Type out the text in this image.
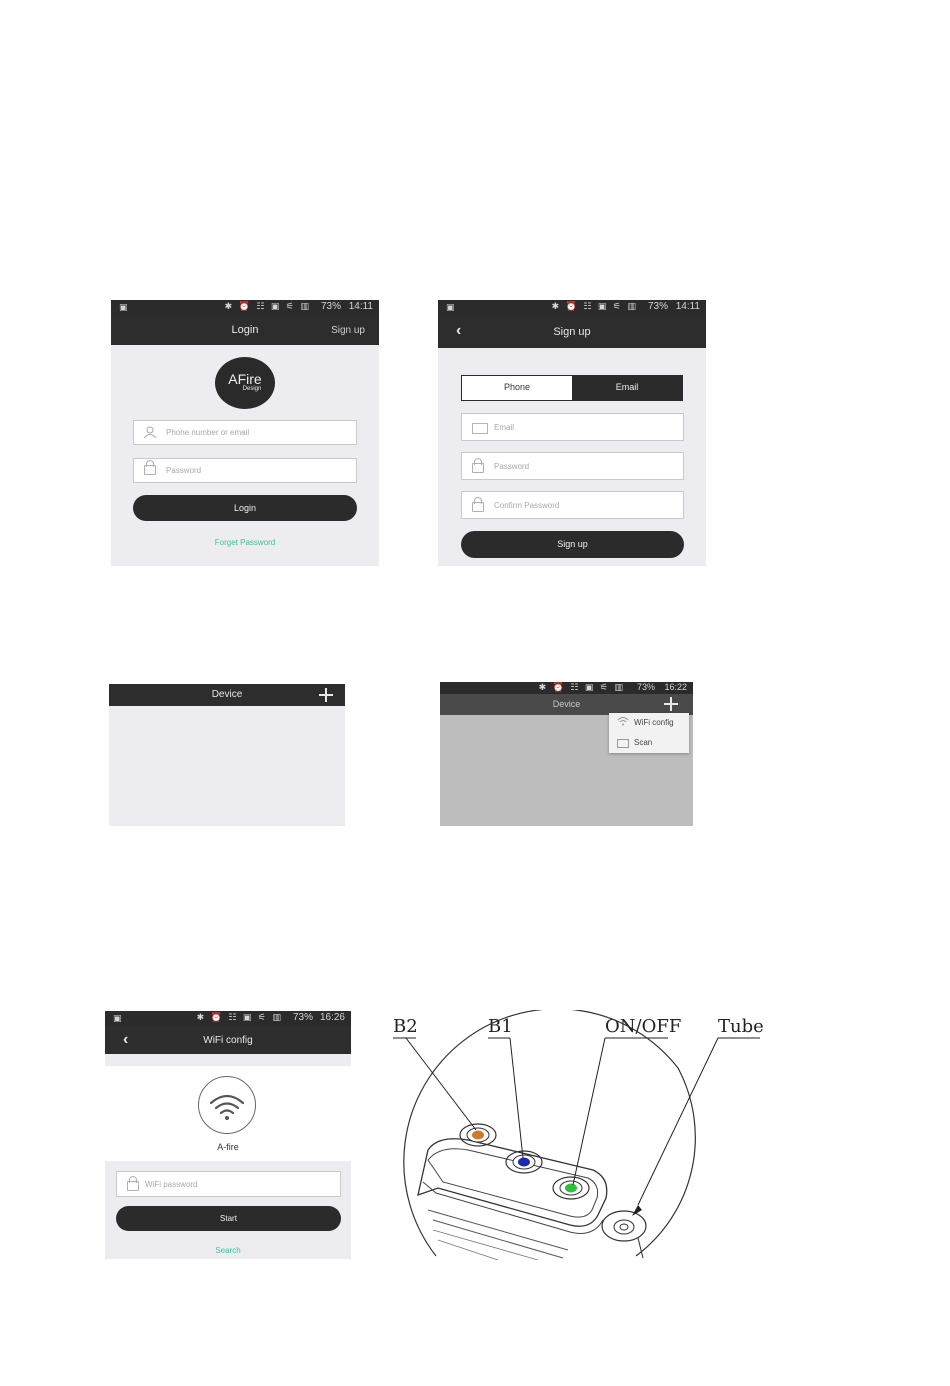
▣	✱ ⏰ ☷ ▣ ⚟ ▥ 73% 14:11
Login	Sign up
AFire
Design
Phone number or email
Password
Login
Forget Password
▣	✱ ⏰ ☷ ▣ ⚟ ▥ 73% 14:11
‹	Sign up
Phone	Email
Email
Password
Confirm Password
Sign up
Device
✱ ⏰ ☷ ▣ ⚟ ▥ 73% 16:22
Device
WiFi config
Scan
▣	✱ ⏰ ☷ ▣ ⚟ ▥ 73% 16:26
‹	WiFi config
A-fire
WiFi password
Start
Search
B2	B1	ON/OFF Tube
